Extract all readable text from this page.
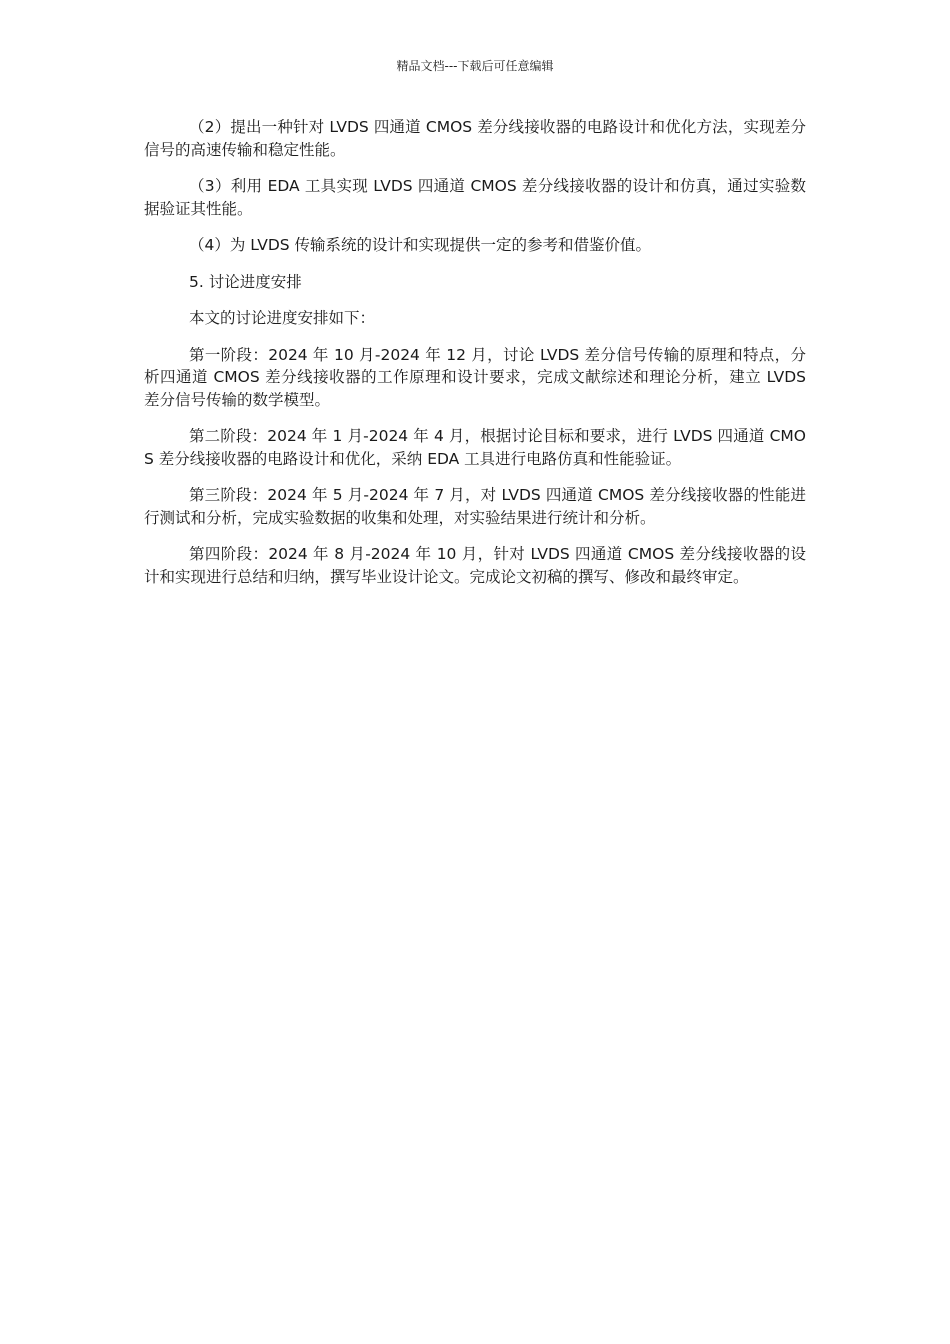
精品文档---下载后可任意编辑

（2）提出一种针对 LVDS 四通道 CMOS 差分线接收器的电路设计和优化方法，实现差分信号的高速传输和稳定性能。

（3）利用 EDA 工具实现 LVDS 四通道 CMOS 差分线接收器的设计和仿真，通过实验数据验证其性能。

（4）为 LVDS 传输系统的设计和实现提供一定的参考和借鉴价值。

5. 讨论进度安排

本文的讨论进度安排如下：

第一阶段：2024 年 10 月-2024 年 12 月，讨论 LVDS 差分信号传输的原理和特点，分析四通道 CMOS 差分线接收器的工作原理和设计要求，完成文献综述和理论分析，建立 LVDS 差分信号传输的数学模型。

第二阶段：2024 年 1 月-2024 年 4 月，根据讨论目标和要求，进行 LVDS 四通道 CMOS 差分线接收器的电路设计和优化，采纳 EDA 工具进行电路仿真和性能验证。

第三阶段：2024 年 5 月-2024 年 7 月，对 LVDS 四通道 CMOS 差分线接收器的性能进行测试和分析，完成实验数据的收集和处理，对实验结果进行统计和分析。

第四阶段：2024 年 8 月-2024 年 10 月，针对 LVDS 四通道 CMOS 差分线接收器的设计和实现进行总结和归纳，撰写毕业设计论文。完成论文初稿的撰写、修改和最终审定。
